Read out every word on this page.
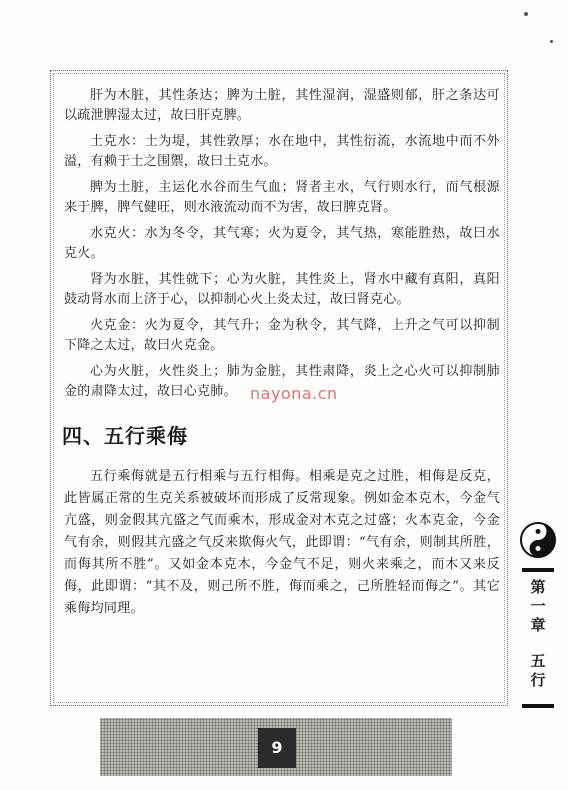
肝为木脏，其性条达；脾为土脏，其性湿润，湿盛则郁，肝之条达可以疏泄脾湿太过，故曰肝克脾。

土克水：土为堤，其性敦厚；水在地中，其性衍流，水流地中而不外溢，有赖于土之围禦，故曰土克水。

脾为土脏，主运化水谷而生气血；肾者主水，气行则水行，而气根源来于脾，脾气健旺，则水液流动而不为害，故曰脾克肾。

水克火：水为冬令，其气寒；火为夏令，其气热，寒能胜热，故曰水克火。

肾为水脏，其性就下；心为火脏，其性炎上，肾水中藏有真阳，真阳鼓动肾水而上济于心，以抑制心火上炎太过，故曰肾克心。

火克金：火为夏令，其气升；金为秋令，其气降，上升之气可以抑制下降之太过，故曰火克金。

心为火脏，火性炎上；肺为金脏，其性肃降，炎上之心火可以抑制肺金的肃降太过，故曰心克肺。 nayona.cn
四、五行乘侮

五行乘侮就是五行相乘与五行相侮。相乘是克之过胜，相侮是反克，此皆属正常的生克关系被破坏而形成了反常现象。例如金本克木，今金气亢盛，则金假其亢盛之气而乘木，形成金对木克之过盛；火本克金，今金气有余，则假其亢盛之气反来欺侮火气，此即谓：“气有余，则制其所胜，而侮其所不胜”。又如金本克木，今金气不足，则火来乘之，而木又来反侮，此即谓：“其不及，则己所不胜，侮而乘之，己所胜轻而侮之”。其它乘侮均同理。

第
一
章
五
行
9
